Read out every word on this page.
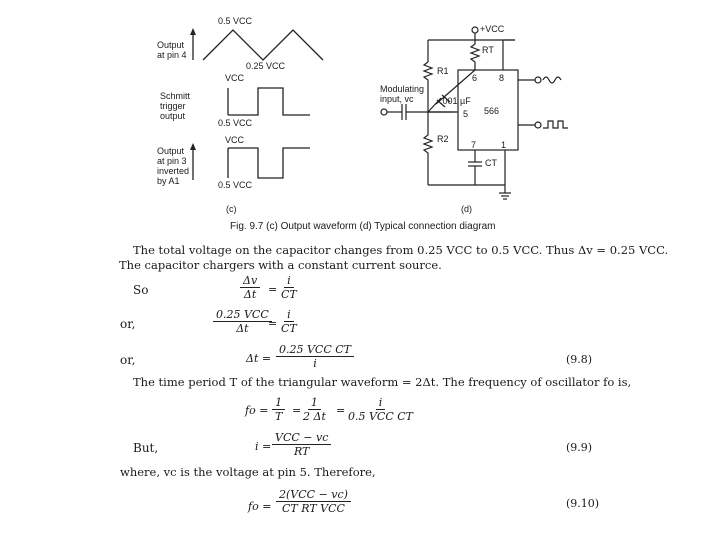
0.5 VCC
0.25 VCC
Output
at pin 4
VCC
0.5 VCC
Schmitt
trigger
output
VCC
0.5 VCC
Output
at pin 3
inverted
by A1
(c)
+VCC
RT
R1
R2
CT
.001 µF
566
6 8
5
7	1
Modulating
input, vc
(d)
Fig. 9.7 (c) Output waveform (d) Typical connection diagram
The total voltage on the capacitor changes from 0.25 VCC to 0.5 VCC. Thus Δv = 0.25 VCC.
The capacitor chargers with a constant current source.
So	$\frac{\Delta v}{\Delta t} = \frac{i}{CT}$
or,
0.25 VCC
$\Delta t = \frac{i}{CT}$
or,	Δt =
0.25 VCC CT
i	(9.8)
The time period T of the triangular waveform = 2Δt. The frequency of oscillator fo is,
fo = $\frac{1}{T}$ =
$\frac{1}{2 \Delta t}$ =
i
0.5 VCC CT
But,	i =
VCC − vc
RT	(9.9)
where, vc is the voltage at pin 5. Therefore,
fo =
2(VCC − vc)
CT RT VCC	(9.10)
